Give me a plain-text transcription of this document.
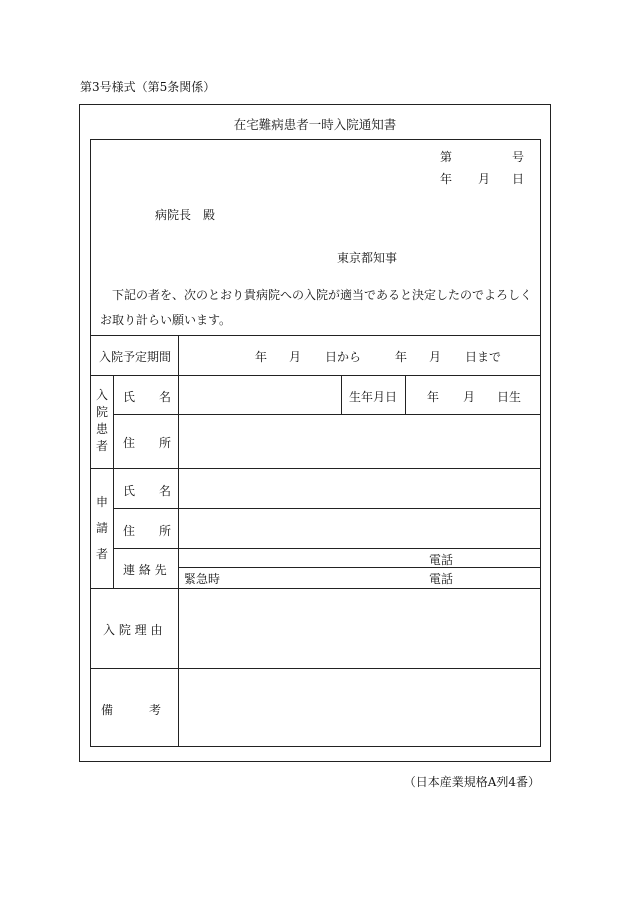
第3号様式（第5条関係）
在宅難病患者一時入院通知書
第	号
年 月 日
病院長　殿
東京都知事
入院予定期間	年 月 日から	年 月 日まで
入
院
患
者
氏　　名	生年月日 年 月 日生
住　　所
申
請
者
氏　　名
住　　所
連 絡 先
電話
緊急時	電話
入 院 理 由
備　　　考
下記の者を、次のとおり貴病院への入院が適当であると決定したのでよろしくお取り計らい願います。
（日本産業規格A列4番）
